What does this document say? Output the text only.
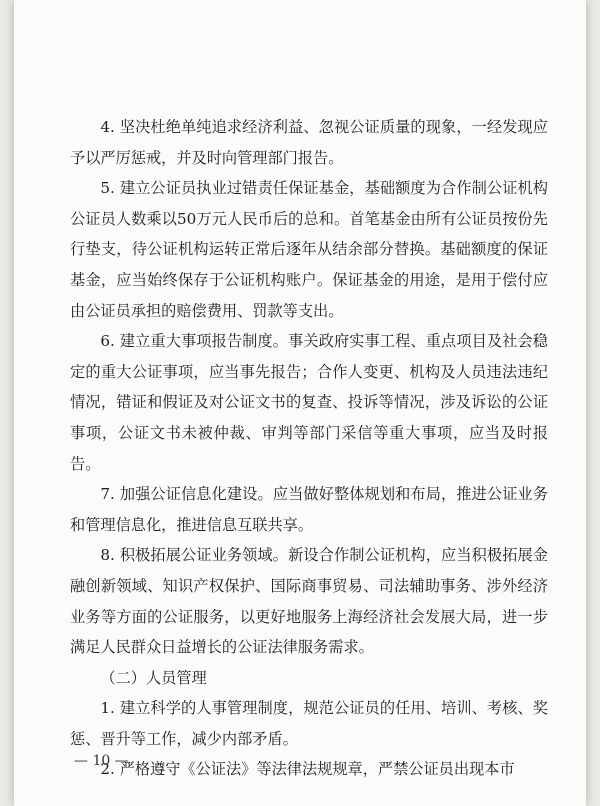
4. 坚决杜绝单纯追求经济利益、忽视公证质量的现象，一经发现应予以严厉惩戒，并及时向管理部门报告。

5. 建立公证员执业过错责任保证基金，基础额度为合作制公证机构公证员人数乘以50万元人民币后的总和。首笔基金由所有公证员按份先行垫支，待公证机构运转正常后逐年从结余部分替换。基础额度的保证基金，应当始终保存于公证机构账户。保证基金的用途，是用于偿付应由公证员承担的赔偿费用、罚款等支出。

6. 建立重大事项报告制度。事关政府实事工程、重点项目及社会稳定的重大公证事项，应当事先报告；合作人变更、机构及人员违法违纪情况，错证和假证及对公证文书的复查、投诉等情况，涉及诉讼的公证事项，公证文书未被仲裁、审判等部门采信等重大事项，应当及时报告。

7. 加强公证信息化建设。应当做好整体规划和布局，推进公证业务和管理信息化，推进信息互联共享。

8. 积极拓展公证业务领域。新设合作制公证机构，应当积极拓展金融创新领域、知识产权保护、国际商事贸易、司法辅助事务、涉外经济业务等方面的公证服务，以更好地服务上海经济社会发展大局，进一步满足人民群众日益增长的公证法律服务需求。

（二）人员管理

1. 建立科学的人事管理制度，规范公证员的任用、培训、考核、奖惩、晋升等工作，减少内部矛盾。

2. 严格遵守《公证法》等法律法规规章，严禁公证员出现本市

— 10 —
